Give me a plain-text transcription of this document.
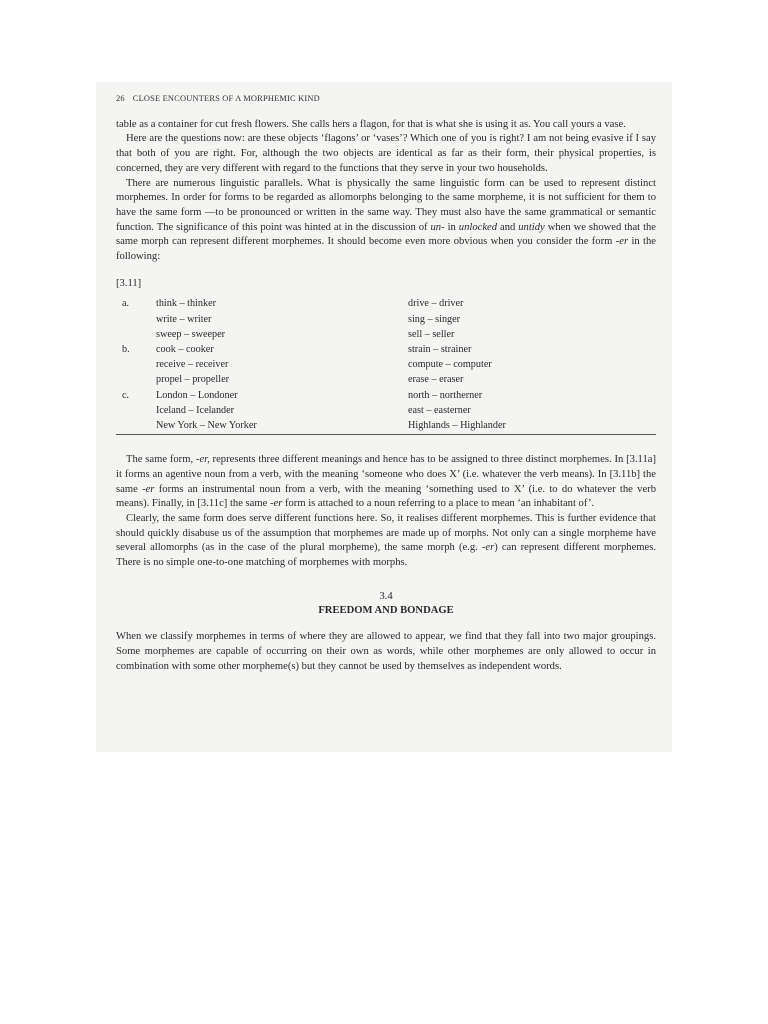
26 CLOSE ENCOUNTERS OF A MORPHEMIC KIND

table as a container for cut fresh flowers. She calls hers a flagon, for that is what she is using it as. You call yours a vase.

Here are the questions now: are these objects ‘flagons’ or ‘vases’? Which one of you is right? I am not being evasive if I say that both of you are right. For, although the two objects are identical as far as their form, their physical properties, is concerned, they are very different with regard to the functions that they serve in your two households.

There are numerous linguistic parallels. What is physically the same linguistic form can be used to represent distinct morphemes. In order for forms to be regarded as allomorphs belonging to the same morpheme, it is not sufficient for them to have the same form —to be pronounced or written in the same way. They must also have the same grammatical or semantic function. The significance of this point was hinted at in the discussion of un- in unlocked and untidy when we showed that the same morph can represent different morphemes. It should become even more obvious when you consider the form -er in the following:

[3.11]
a.	think – thinker	drive – driver
write – writer	sing – singer
sweep – sweeper	sell – seller
b.	cook – cooker	strain – strainer
receive – receiver	compute – computer
propel – propeller	erase – eraser
c.	London – Londoner	north – northerner
Iceland – Icelander	east – easterner
New York – New Yorker	Highlands – Highlander

The same form, -er, represents three different meanings and hence has to be assigned to three distinct morphemes. In [3.11a] it forms an agentive noun from a verb, with the meaning ‘someone who does X’ (i.e. whatever the verb means). In [3.11b] the same -er forms an instrumental noun from a verb, with the meaning ‘something used to X’ (i.e. to do whatever the verb means). Finally, in [3.11c] the same -er form is attached to a noun referring to a place to mean ‘an inhabitant of’.

Clearly, the same form does serve different functions here. So, it realises different morphemes. This is further evidence that should quickly disabuse us of the assumption that morphemes are made up of morphs. Not only can a single morpheme have several allomorphs (as in the case of the plural morpheme), the same morph (e.g. -er) can represent different morphemes. There is no simple one-to-one matching of morphemes with morphs.

3.4
FREEDOM AND BONDAGE

When we classify morphemes in terms of where they are allowed to appear, we find that they fall into two major groupings. Some morphemes are capable of occurring on their own as words, while other morphemes are only allowed to occur in combination with some other morpheme(s) but they cannot be used by themselves as independent words.
